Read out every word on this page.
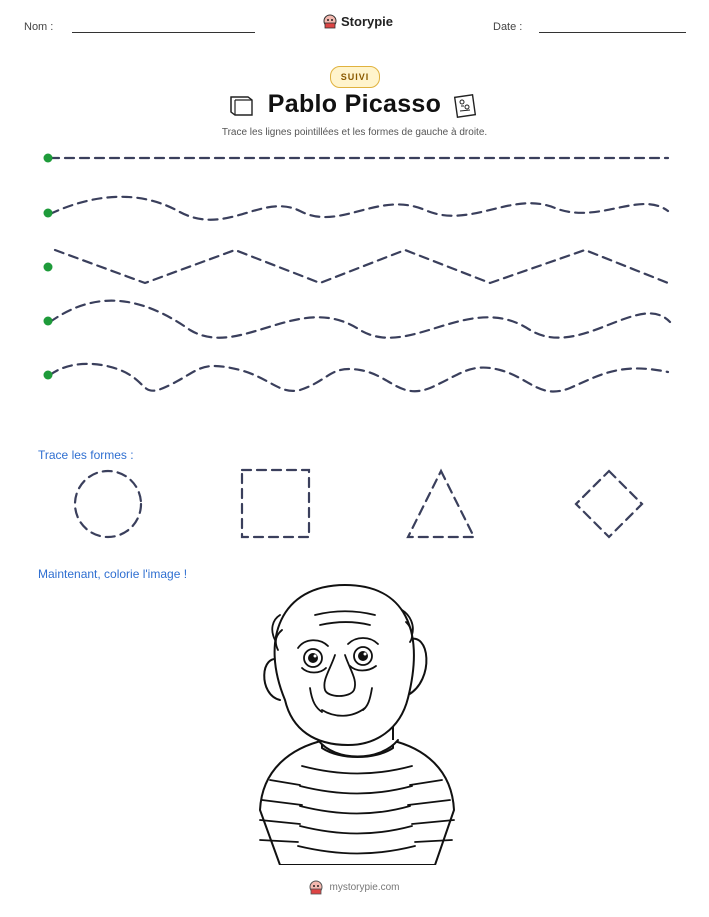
Nom :	Storypie	Date :
SUIVI
Pablo Picasso
Trace les lignes pointillées et les formes de gauche à droite.
Trace les formes :
Maintenant, colorie l'image !
mystorypie.com
